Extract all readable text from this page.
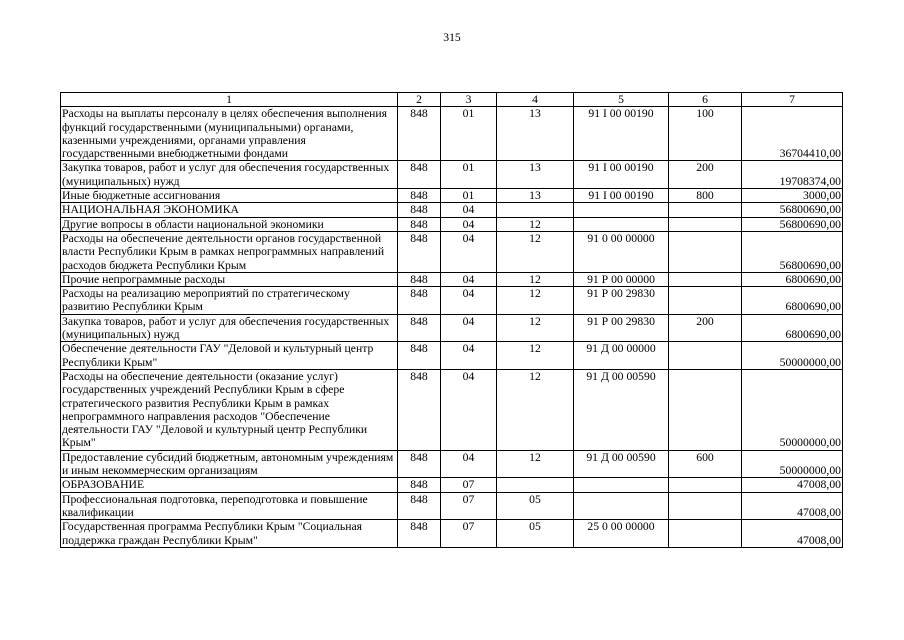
315
1	2	3	4	5	6	7
Расходы на выплаты персоналу в целях обеспечения выполнения функций государственными (муниципальными) органами, казенными учреждениями, органами управления государственными внебюджетными фондами	848	01	13	91 I 00 00190	100	36704410,00
Закупка товаров, работ и услуг для обеспечения государственных (муниципальных) нужд	848	01	13	91 I 00 00190	200	19708374,00
Иные бюджетные ассигнования	848	01	13	91 I 00 00190	800	3000,00
НАЦИОНАЛЬНАЯ ЭКОНОМИКА	848	04				56800690,00
Другие вопросы в области национальной экономики	848	04	12			56800690,00
Расходы на обеспечение деятельности органов государственной власти Республики Крым в рамках непрограммных направлений расходов бюджета Республики Крым	848	04	12	91 0 00 00000		56800690,00
Прочие непрограммные расходы	848	04	12	91 Р 00 00000		6800690,00
Расходы на реализацию мероприятий по стратегическому развитию Республики Крым	848	04	12	91 Р 00 29830		6800690,00
Закупка товаров, работ и услуг для обеспечения государственных (муниципальных) нужд	848	04	12	91 Р 00 29830	200	6800690,00
Обеспечение деятельности ГАУ "Деловой и культурный центр Республики Крым"	848	04	12	91 Д 00 00000		50000000,00
Расходы на обеспечение деятельности (оказание услуг) государственных учреждений Республики Крым в сфере стратегического развития Республики Крым в рамках непрограммного направления расходов "Обеспечение деятельности ГАУ "Деловой и культурный центр Республики Крым"	848	04	12	91 Д 00 00590		50000000,00
Предоставление субсидий бюджетным, автономным учреждениям и иным некоммерческим организациям	848	04	12	91 Д 00 00590	600	50000000,00
ОБРАЗОВАНИЕ	848	07				47008,00
Профессиональная подготовка, переподготовка и повышение квалификации	848	07	05			47008,00
Государственная программа Республики Крым "Социальная поддержка граждан Республики Крым"	848	07	05	25 0 00 00000		47008,00
